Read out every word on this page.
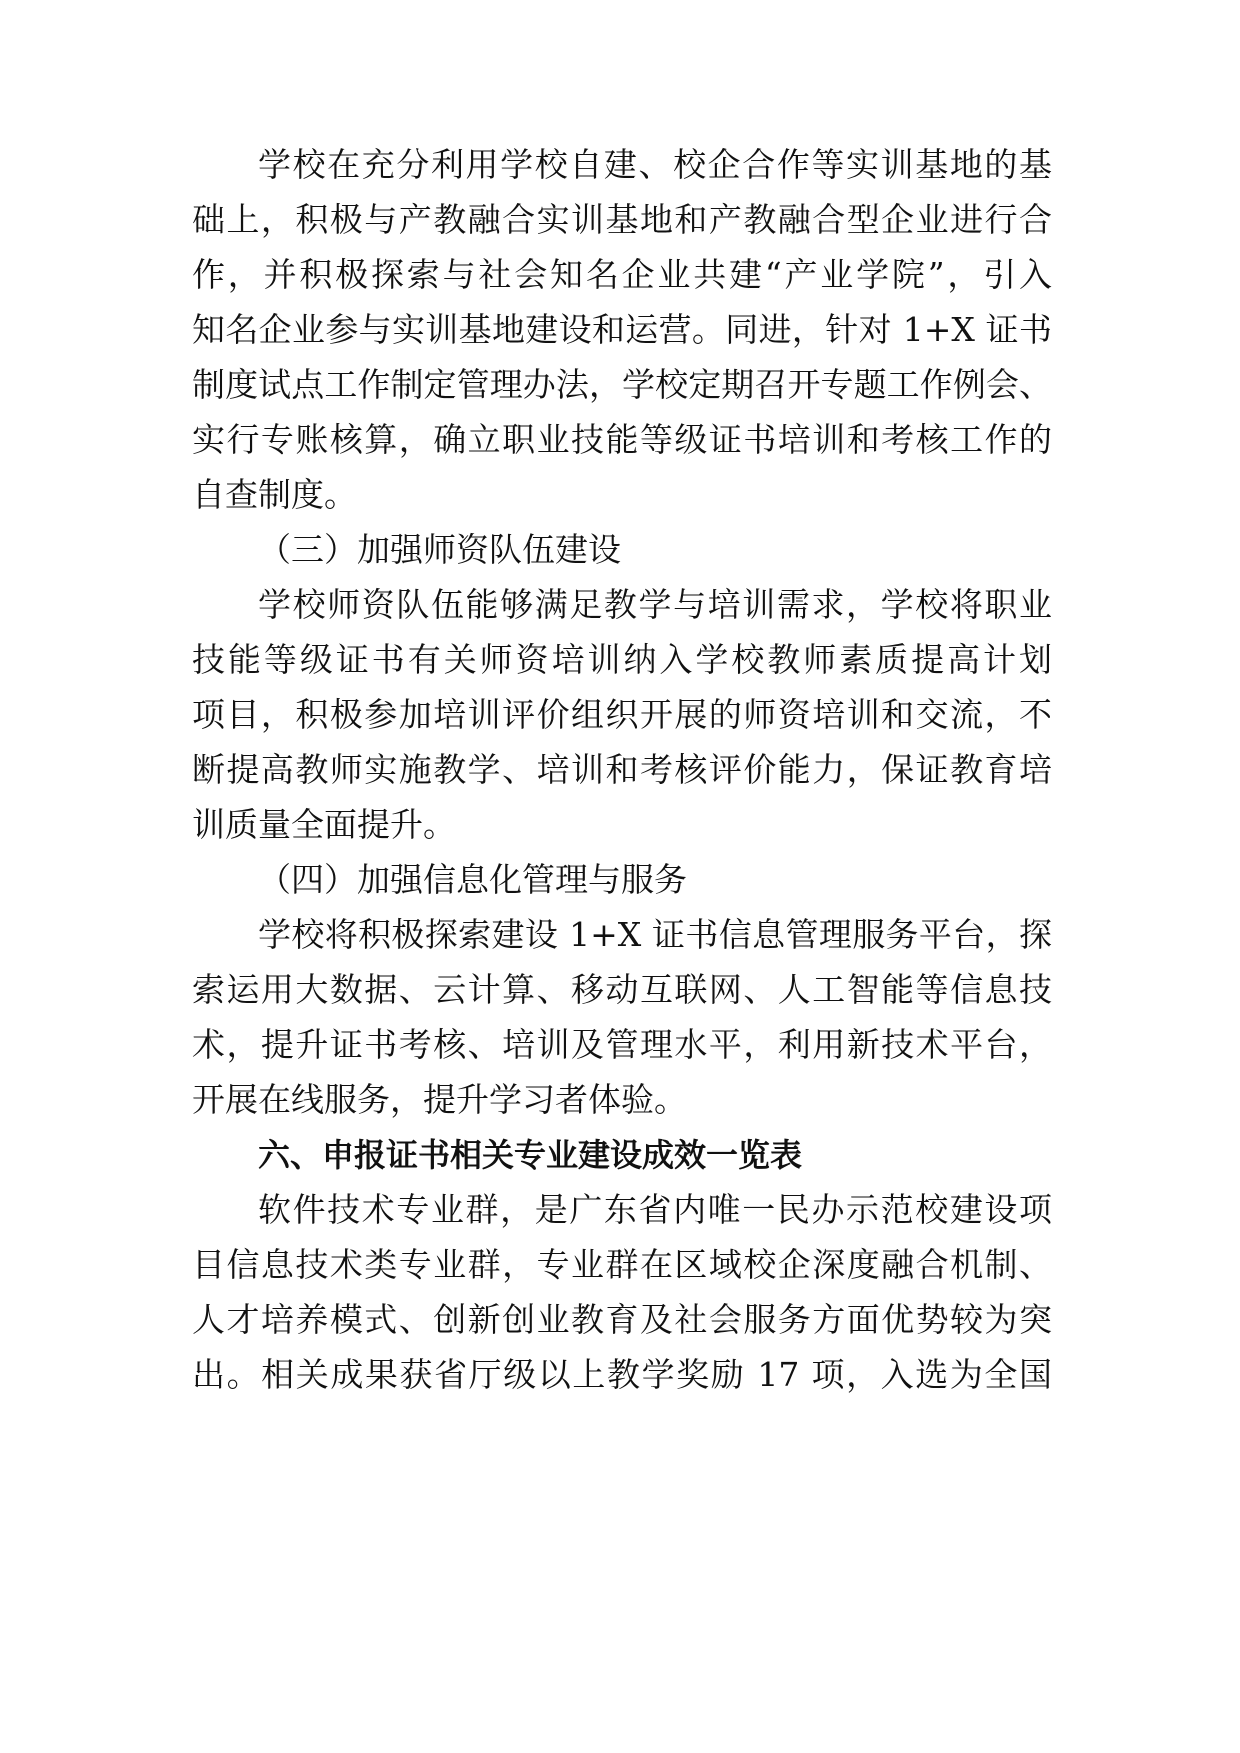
学校在充分利用学校自建、校企合作等实训基地的基
础上，积极与产教融合实训基地和产教融合型企业进行合
作，并积极探索与社会知名企业共建“产业学院”，引入
知名企业参与实训基地建设和运营。同进，针对 1+X 证书
制度试点工作制定管理办法，学校定期召开专题工作例会、
实行专账核算，确立职业技能等级证书培训和考核工作的
自查制度。
（三）加强师资队伍建设
学校师资队伍能够满足教学与培训需求，学校将职业
技能等级证书有关师资培训纳入学校教师素质提高计划
项目，积极参加培训评价组织开展的师资培训和交流，不
断提高教师实施教学、培训和考核评价能力，保证教育培
训质量全面提升。
（四）加强信息化管理与服务
学校将积极探索建设 1+X 证书信息管理服务平台，探
索运用大数据、云计算、移动互联网、人工智能等信息技
术，提升证书考核、培训及管理水平，利用新技术平台，
开展在线服务，提升学习者体验。
六、申报证书相关专业建设成效一览表
软件技术专业群，是广东省内唯一民办示范校建设项
目信息技术类专业群，专业群在区域校企深度融合机制、
人才培养模式、创新创业教育及社会服务方面优势较为突
出。相关成果获省厅级以上教学奖励 17 项，入选为全国
